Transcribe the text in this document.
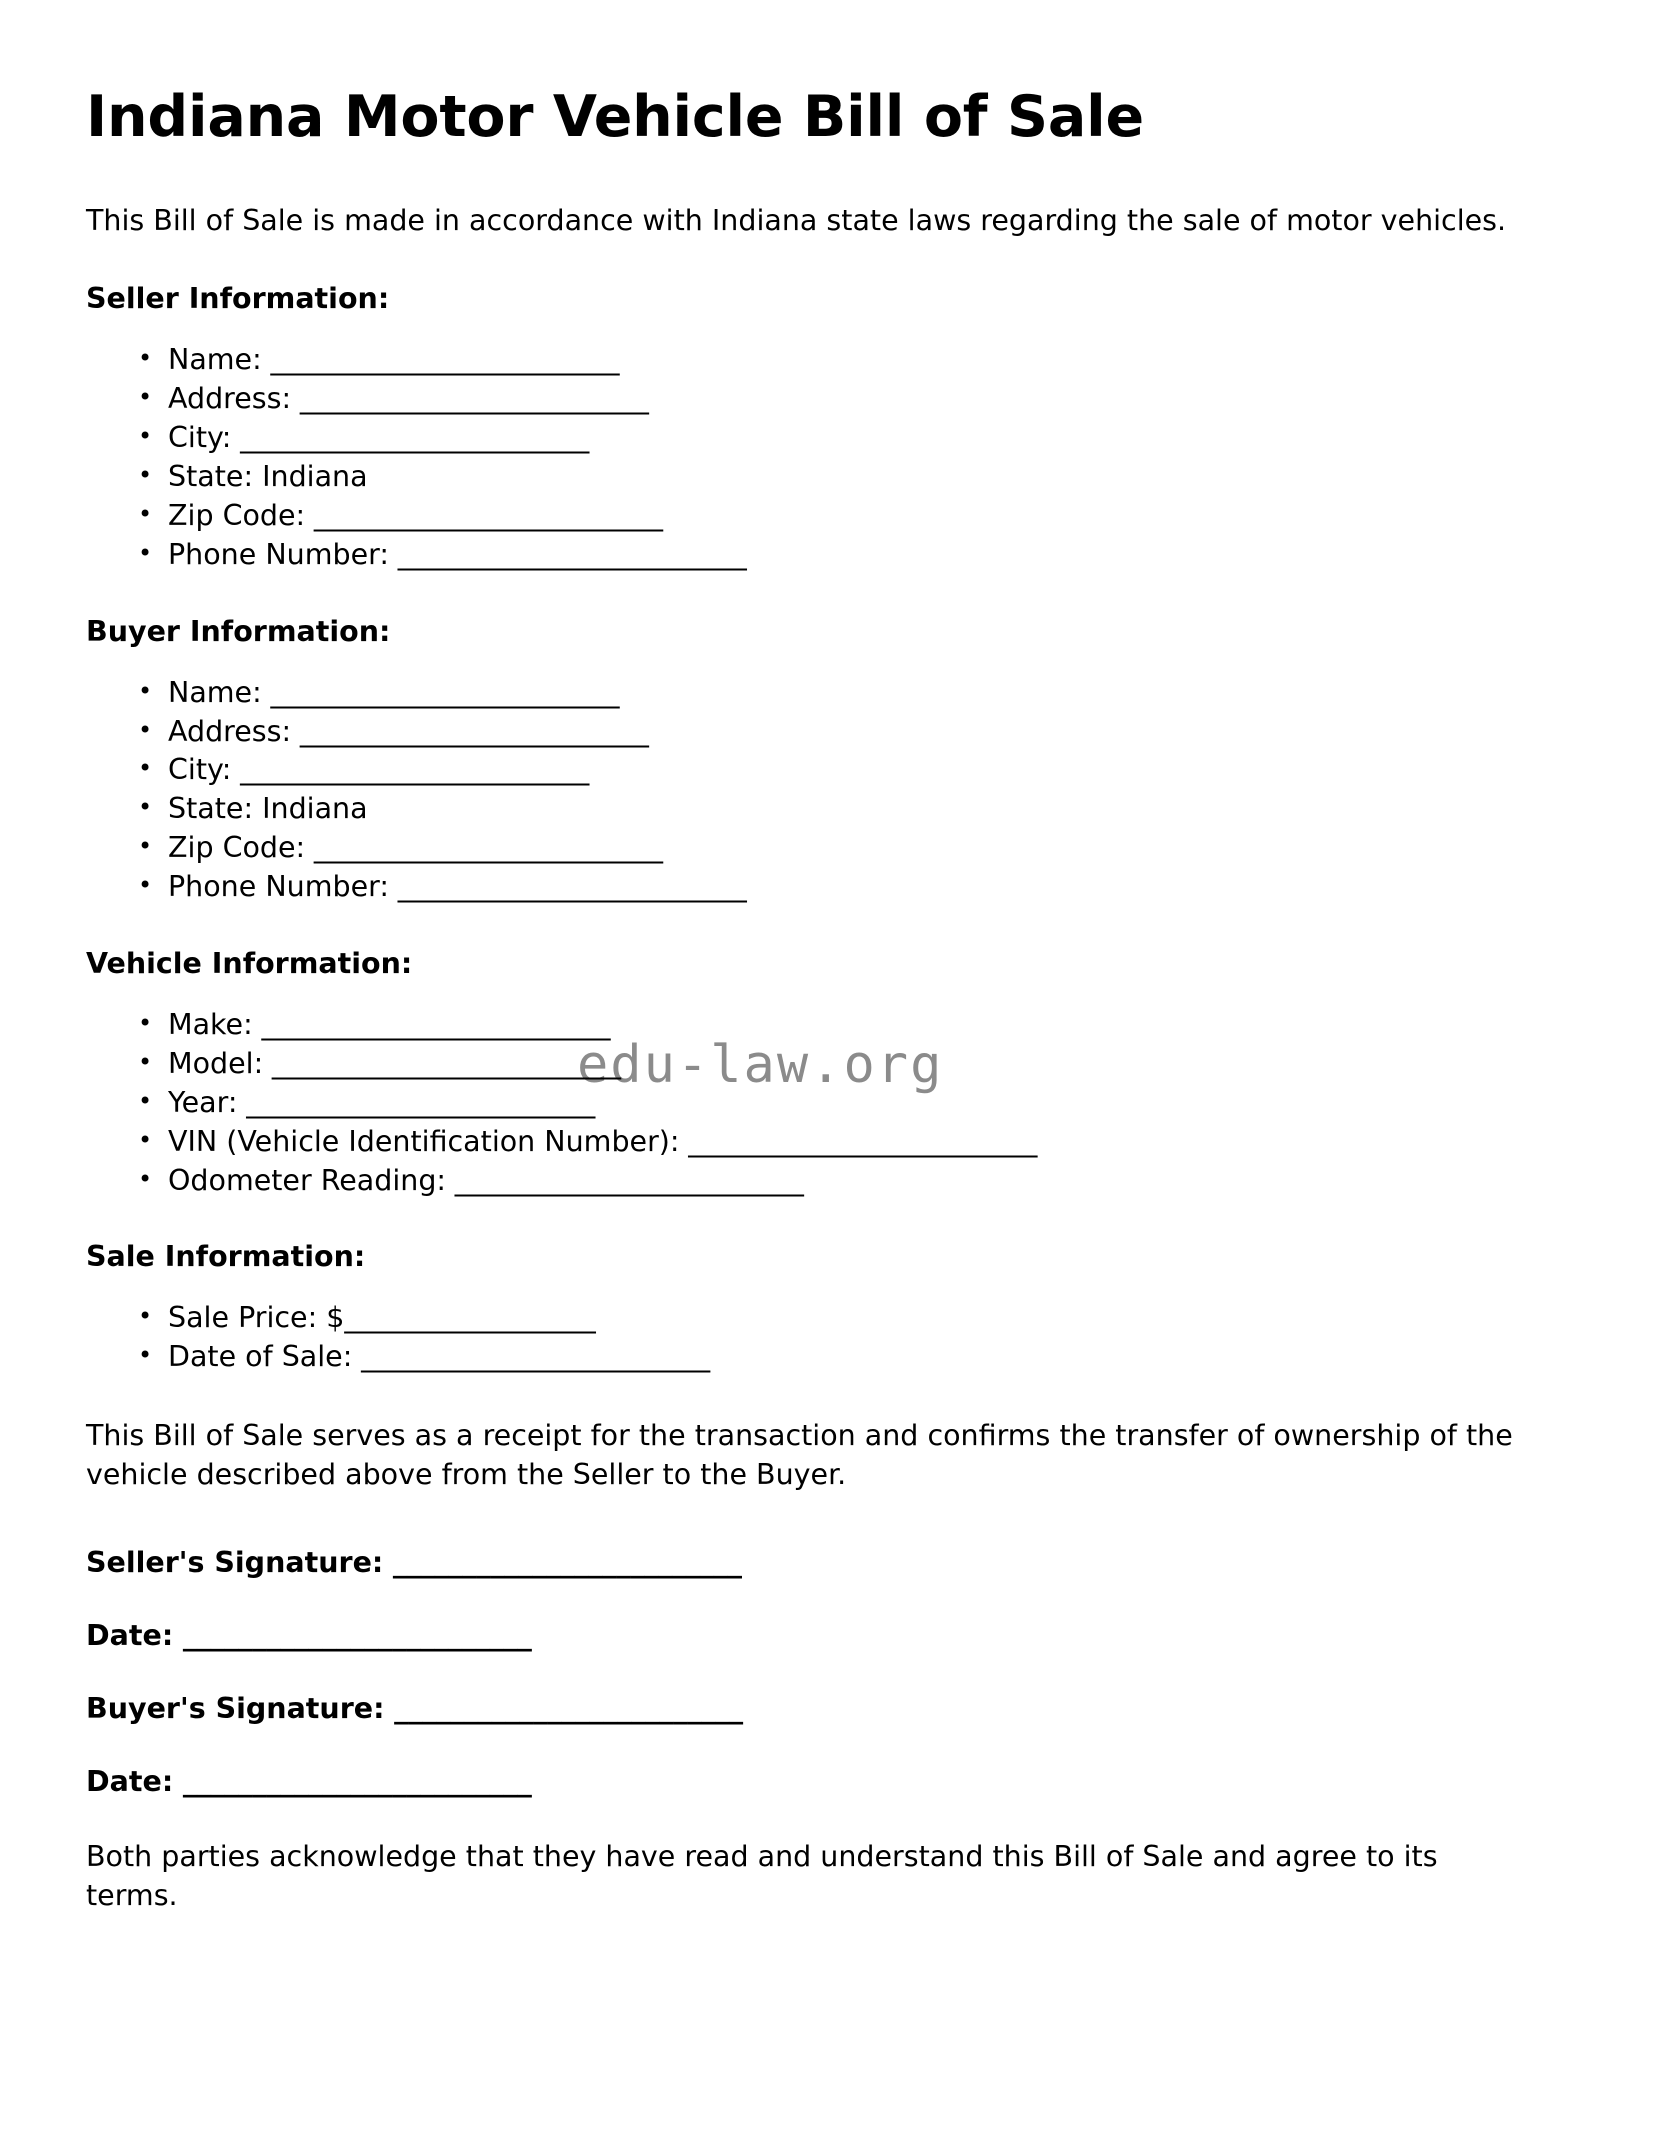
edu-law.org
Indiana Motor Vehicle Bill of Sale

This Bill of Sale is made in accordance with Indiana state laws regarding the sale of motor vehicles.

Seller Information:
• Name: _________________________
• Address: _________________________
• City: _________________________
• State: Indiana
• Zip Code: _________________________
• Phone Number: _________________________
Buyer Information:
• Name: _________________________
• Address: _________________________
• City: _________________________
• State: Indiana
• Zip Code: _________________________
• Phone Number: _________________________
Vehicle Information:
• Make: _________________________
• Model: _________________________
• Year: _________________________
• VIN (Vehicle Identification Number): _________________________
• Odometer Reading: _________________________
Sale Information:
• Sale Price: $__________________
• Date of Sale: _________________________

This Bill of Sale serves as a receipt for the transaction and confirms the transfer of ownership of the vehicle described above from the Seller to the Buyer.

Seller's Signature: _________________________
Date: _________________________
Buyer's Signature: _________________________
Date: _________________________

Both parties acknowledge that they have read and understand this Bill of Sale and agree to its terms.
